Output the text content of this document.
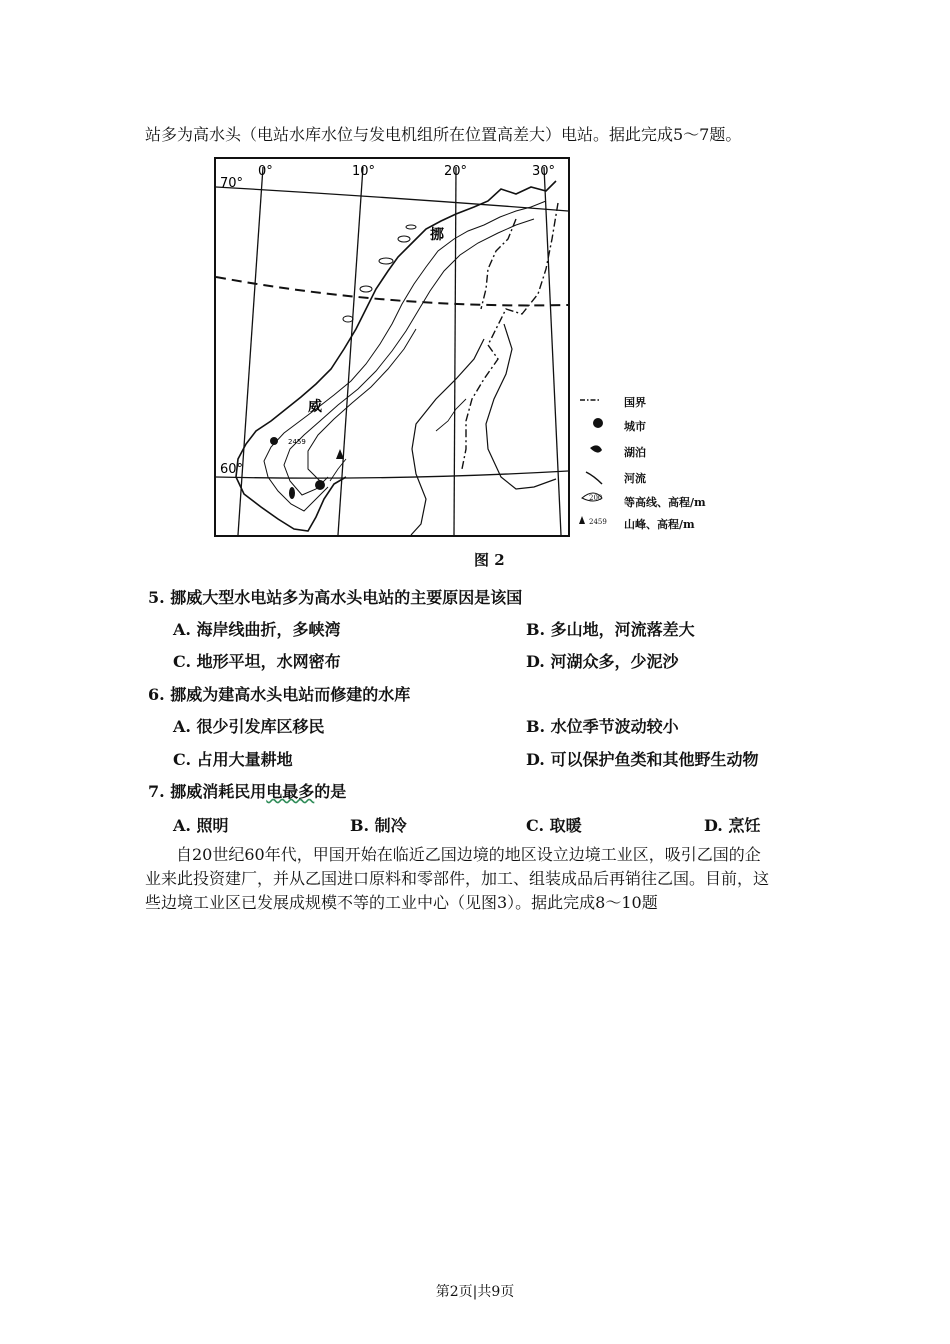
站多为高水头（电站水库水位与发电机组所在位置高差大）电站。据此完成5～7题。
2459
0°	10°	20°	30°
70°
60°
挪
威	国界
城市
湖泊
河流
200 等高线、高程/m
2459 山峰、高程/m
图 2
5. 挪威大型水电站多为高水头电站的主要原因是该国
A. 海岸线曲折，多峡湾	B. 多山地，河流落差大
C. 地形平坦，水网密布	D. 河湖众多，少泥沙
6. 挪威为建高水头电站而修建的水库
A. 很少引发库区移民	B. 水位季节波动较小
C. 占用大量耕地	D. 可以保护鱼类和其他野生动物
7. 挪威消耗民用电最多的是
A. 照明	B. 制冷	C. 取暖	D. 烹饪
自20世纪60年代，甲国开始在临近乙国边境的地区设立边境工业区，吸引乙国的企
业来此投资建厂，并从乙国进口原料和零部件，加工、组装成品后再销往乙国。目前，这
些边境工业区已发展成规模不等的工业中心（见图3）。据此完成8～10题
第2页|共9页
